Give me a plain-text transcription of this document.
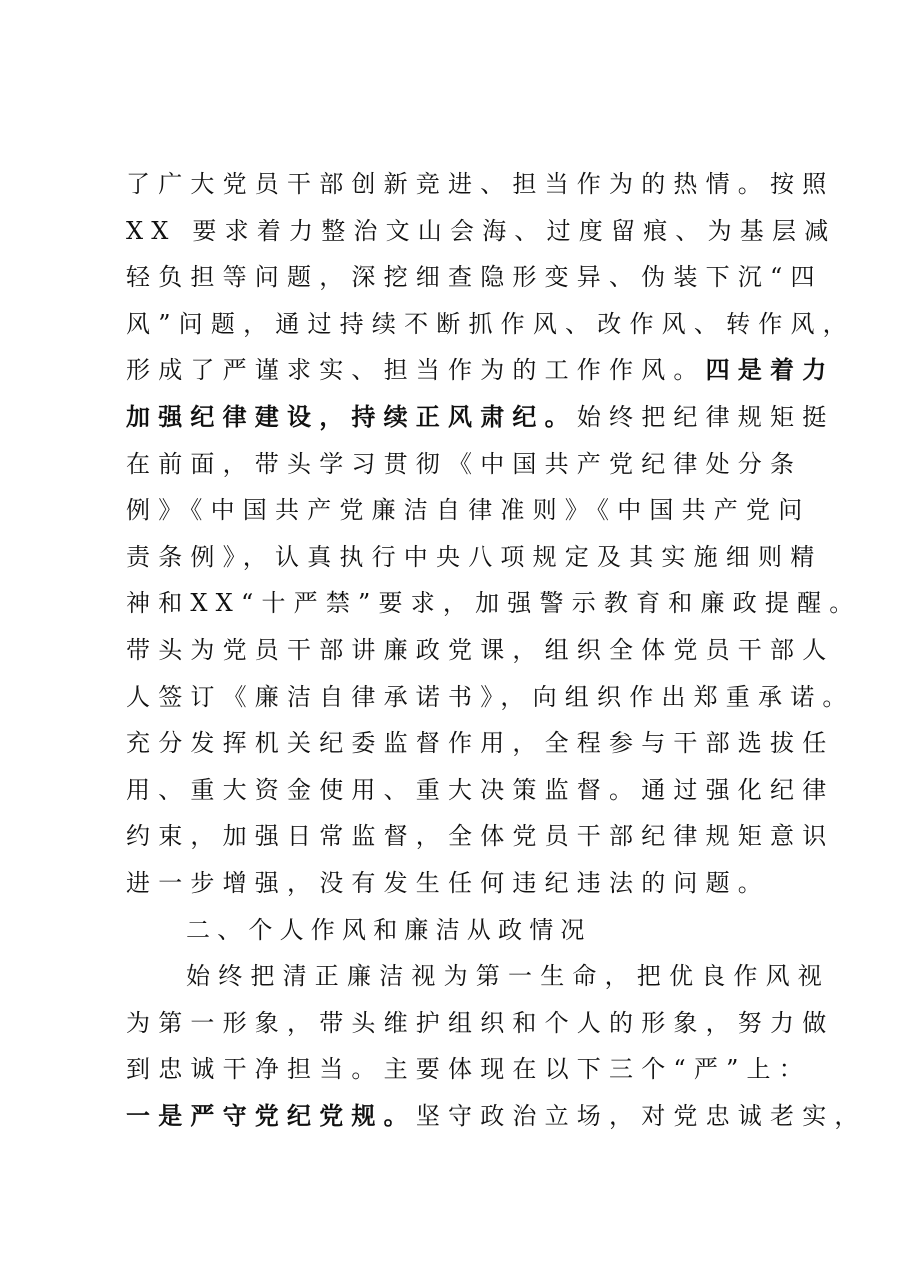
了广大党员干部创新竞进、担当作为的热情。按照
XX 要求着力整治文山会海、过度留痕、为基层减
轻负担等问题，深挖细查隐形变异、伪装下沉“四
风”问题，通过持续不断抓作风、改作风、转作风，
形成了严谨求实、担当作为的工作作风。四是着力
加强纪律建设，持续正风肃纪。始终把纪律规矩挺
在前面，带头学习贯彻《中国共产党纪律处分条
例》《中国共产党廉洁自律准则》《中国共产党问
责条例》，认真执行中央八项规定及其实施细则精
神和XX“十严禁”要求，加强警示教育和廉政提醒。
带头为党员干部讲廉政党课，组织全体党员干部人
人签订《廉洁自律承诺书》，向组织作出郑重承诺。
充分发挥机关纪委监督作用，全程参与干部选拔任
用、重大资金使用、重大决策监督。通过强化纪律
约束，加强日常监督，全体党员干部纪律规矩意识
进一步增强，没有发生任何违纪违法的问题。
二、个人作风和廉洁从政情况
始终把清正廉洁视为第一生命，把优良作风视
为第一形象，带头维护组织和个人的形象，努力做
到忠诚干净担当。主要体现在以下三个“严”上：
一是严守党纪党规。坚守政治立场，对党忠诚老实，
